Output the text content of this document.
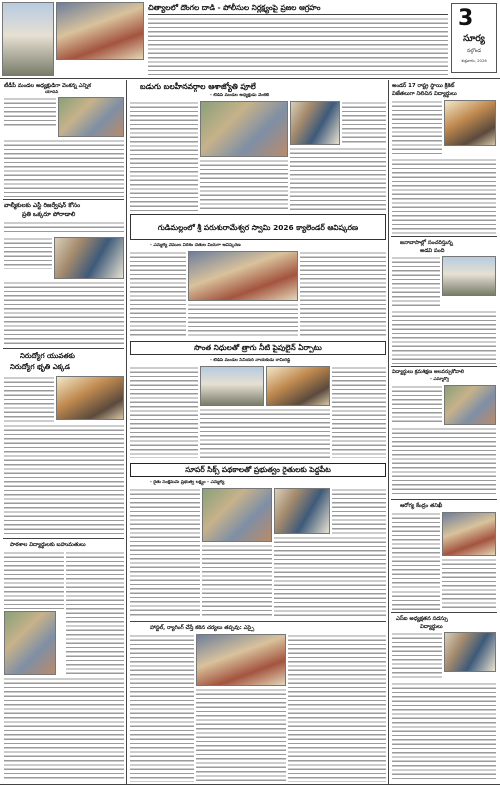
చిత్యాలలో దొంగల దాడి - పోలీసుల నిర్లక్ష్యంపై ప్రజల ఆగ్రహం	3
సూర్య
నల్గొండ
శుక్రవారం, 2026
టీడీపీ మండల అధ్యక్షుడిగా వెంకన్న ఎన్నిక
యాదవ్
వాల్మీకులకు ఎస్టీ రిజర్వేషన్ కోసం
ప్రతి ఒక్కరూ పోరాడాలి
నిరుద్యోగ యువతకు
నిరుద్యోగ భృతి ఎక్కడ
పాఠశాల విద్యార్థులకు బహుమతులు
బడుగు బలహీనవర్గాల ఆశాజ్యోతి పూలే
- టీడీపీ మండల అధ్యక్షుడు వెంకట్
గుడిమల్లంలో శ్రీ పరుశురామేశ్వర స్వామి 2026 క్యాలెండర్ ఆవిష్కరణ
- ఎమ్మెల్యే వేముల వీరేశం చేతుల మీదుగా ఆవిష్కరణ
సొంత నిధులతో త్రాగు నీటి పైపులైన్ ఏర్పాటు
- టీడీపీ మండల సీనియర్ నాయకుడు రామిరెడ్డి
సూపర్ సిక్స్ పథకాలతో ప్రభుత్వం రైతులకు పెద్దపీట
- రైతు సంక్షేమమే ప్రభుత్వ లక్ష్యం - ఎమ్మెల్యే
హాస్టల్, ర్యాగింగ్ చేస్తే కఠిన చర్యలు తప్పవు: ఎస్సై
అండర్ 17 రాష్ట్ర స్థాయి క్రికెట్
విజేతలుగా నిలిచిన విద్యార్థులు
జనావాసాల్లో సంచరిస్తున్న
అడవి పంది
విద్యార్థులు క్రమశిక్షణ అలవర్చుకోవాలి
- ఎమ్మార్వో
ఆరోగ్య కేంద్రం తనిఖీ
ఎస్ఐ అధ్యక్షతన సదస్సు
విద్యార్థులు
